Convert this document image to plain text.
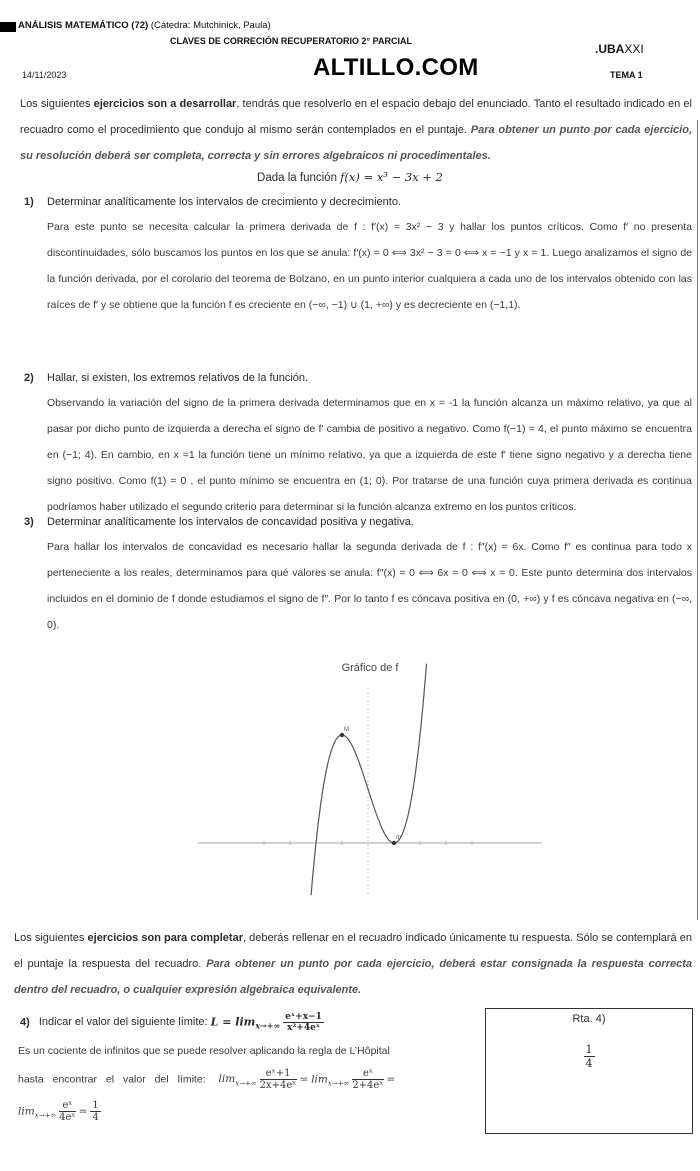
ANÁLISIS MATEMÁTICO (72) (Cátedra: Mutchinick, Paula)
CLAVES DE CORRECIÓN RECUPERATORIO 2° PARCIAL
.UBAXXI
14/11/2023	ALTILLO.COM	TEMA 1
Los siguientes ejercicios son a desarrollar, tendrás que resolverlo en el espacio debajo del enunciado. Tanto el resultado indicado en el recuadro como el procedimiento que condujo al mismo serán contemplados en el puntaje. Para obtener un punto por cada ejercicio, su resolución deberá ser completa, correcta y sin errores algebraicos ni procedimentales.
Dada la función f(x) = x³ − 3x + 2
1) Determinar analíticamente los intervalos de crecimiento y decrecimiento.
Para este punto se necesita calcular la primera derivada de f : f′(x) = 3x² − 3 y hallar los puntos críticos. Como f′ no presenta discontinuidades, sólo buscamos los puntos en los que se anula: f′(x) = 0 ⟺ 3x² − 3 = 0 ⟺ x = −1 y x = 1. Luego analizamos el signo de la función derivada, por el corolario del teorema de Bolzano, en un punto interior cualquiera a cada uno de los intervalos obtenido con las raíces de f′ y se obtiene que la función f es creciente en (−∞, −1) ∪ (1, +∞) y es decreciente en (−1,1).
2) Hallar, si existen, los extremos relativos de la función.
Observando la variación del signo de la primera derivada determinamos que en x = -1 la función alcanza un máximo relativo, ya que al pasar por dicho punto de izquierda a derecha el signo de f′ cambia de positivo a negativo. Como f(−1) = 4, el punto máximo se encuentra en (−1; 4). En cambio, en x =1 la función tiene un mínimo relativo, ya que a izquierda de este f′ tiene signo negativo y a derecha tiene signo positivo. Como f(1) = 0 , el punto mínimo se encuentra en (1; 0). Por tratarse de una función cuya primera derivada es continua podríamos haber utilizado el segundo criterio para determinar si la función alcanza extremo en los puntos críticos.
3) Determinar analíticamente los intervalos de concavidad positiva y negativa.
Para hallar los intervalos de concavidad es necesario hallar la segunda derivada de f : f″(x) = 6x. Como f″ es continua para todo x perteneciente a los reales, determinamos para qué valores se anula: f″(x) = 0 ⟺ 6x = 0 ⟺ x = 0. Este punto determina dos intervalos incluidos en el dominio de f donde estudiamos el signo de f″. Por lo tanto f es cóncava positiva en (0, +∞) y f es cóncava negativa en (−∞, 0).
Gráfico de f
M
m
Los siguientes ejercicios son para completar, deberás rellenar en el recuadro indicado únicamente tu respuesta. Sólo se contemplará en el puntaje la respuesta del recuadro. Para obtener un punto por cada ejercicio, deberá estar consignada la respuesta correcta dentro del recuadro, o cualquier expresión algebraica equivalente.
4) Indicar el valor del siguiente límite: $L = \lim_{x\to+\infty} \frac{\text{eˣ+x−1}}{\text{x²+4eˣ}}$
Es un cociente de infinitos que se puede resolver aplicando la regla de L’Hôpital
hasta encontrar el valor del límite: $\lim_{x\to+\infty} \frac{\text{eˣ+1}}{\text{2x+4eˣ}} = \lim_{x\to+\infty} \frac{\text{eˣ}}{\text{2+4eˣ}}$ =
$\lim_{x\to+\infty} \frac{\text{eˣ}}{\text{4eˣ}} = \frac{1}{4}$
Rta. 4)
$\frac{1}{4}$
